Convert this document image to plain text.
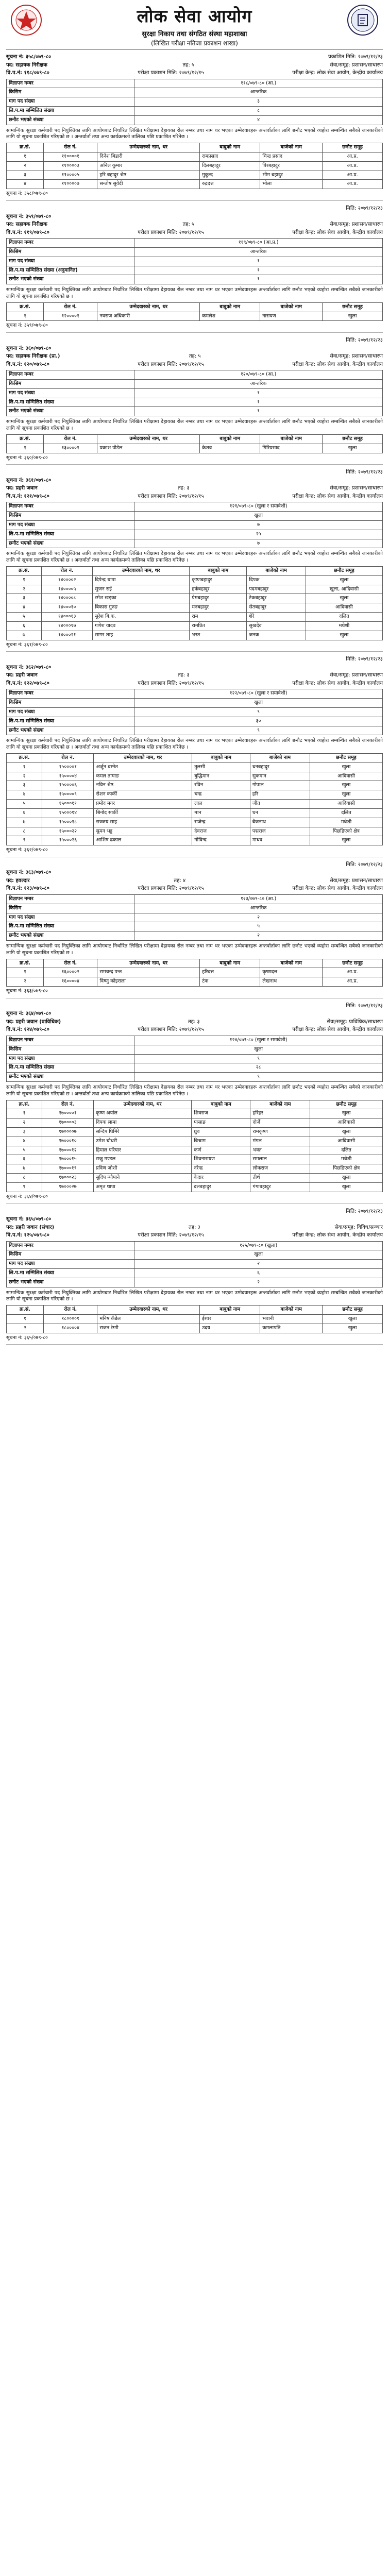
लोक सेवा आयोग
सुरक्षा निकाय तथा संगठित संस्था महाशाखा
(लिखित परीक्षा नतिजा प्रकाशन शाखा)
सूचना नं: ३५८/०७९-८०	प्रकाशित मिति: २०७९/१२/२३
पद: सहायक निरीक्षक	तह: ५	सेवा/समूह: प्रशासन/साधारण
वि.प.नं: ११८/०७९-८०	परीक्षा प्रकाशन मिति: २०७९/१२/१५	परीक्षा केन्द्र: लोक सेवा आयोग, केन्द्रीय कार्यालय
विज्ञापन नम्बर	११८/०७९-८० (आ.)
किसिम	आन्तरिक
माग पद संख्या	३
लि.प.मा सम्मिलित संख्या	८
छनौट भएको संख्या	४
सामान्यिक सुरक्षा कर्मचारी पद नियुक्तिका लागि आयोगबाट निर्धारित लिखित परीक्षामा देहायका रोल नम्बर तथा नाम थर भएका उम्मेदवारहरू अन्तर्वार्ताका लागि छनौट भएको व्यहोरा सम्बन्धित सबैको जानकारीको लागि यो सूचना प्रकाशित गरिएको छ । अन्तर्वार्ता तथा अन्य कार्यक्रमको तालिका पछि प्रकाशित गरिनेछ ।
क्र.सं.	रोल नं.	उम्मेदवारको नाम, थर	बाबुको नाम	बाजेको नाम	छनौट समूह
१	११००००१	दिनेश बिडारी	रामप्रसाद	चिन्द्र प्रसाद	आ.प्र.
२	११००००३	अनिल कुमार	दिलबहादुर	बिरबहादुर	आ.प्र.
३	११००००५	हरि बहादुर श्रेष्ठ	मुकुन्द	भीम बहादुर	आ.प्र.
४	११००००७	सन्तोष सुवेदी	रुद्रदत्त	भोला	आ.प्र.
सूचना नं: ३५८/०७९-८०
मिति: २०७९/१२/२३
सूचना नं: ३५९/०७९-८०
पद: सहायक निरीक्षक	तह: ५	सेवा/समूह: प्रशासन/साधारण
वि.प.नं: ११९/०७९-८०	परीक्षा प्रकाशन मिति: २०७९/१२/१५	परीक्षा केन्द्र: लोक सेवा आयोग, केन्द्रीय कार्यालय
विज्ञापन नम्बर	११९/०७९-८० (आ.प्र.)
किसिम	आन्तरिक
माग पद संख्या	१
लि.प.मा सम्मिलित संख्या (अनुमानित)	१
छनौट भएको संख्या	१
सामान्यिक सुरक्षा कर्मचारी पद नियुक्तिका लागि आयोगबाट निर्धारित लिखित परीक्षामा देहायका रोल नम्बर तथा नाम थर भएका उम्मेदवारहरू अन्तर्वार्ताका लागि छनौट भएको व्यहोरा सम्बन्धित सबैको जानकारीको लागि यो सूचना प्रकाशित गरिएको छ ।
क्र.सं.	रोल नं.	उम्मेदवारको नाम, थर	बाबुको नाम	बाजेको नाम	छनौट समूह
१	१२००००१	नवराज अधिकारी	कमलेश	नारायण	खुला
सूचना नं: ३५९/०७९-८०
मिति: २०७९/१२/२३
सूचना नं: ३६०/०७९-८०
पद: सहायक निरीक्षक (प्रा.)	तह: ५	सेवा/समूह: प्रशासन/साधारण
वि.प.नं: १२०/०७९-८०	परीक्षा प्रकाशन मिति: २०७९/१२/१५	परीक्षा केन्द्र: लोक सेवा आयोग, केन्द्रीय कार्यालय
विज्ञापन नम्बर	१२०/०७९-८० (आ.)
किसिम	आन्तरिक
माग पद संख्या	१
लि.प.मा सम्मिलित संख्या	१
छनौट भएको संख्या	१
सामान्यिक सुरक्षा कर्मचारी पद नियुक्तिका लागि आयोगबाट निर्धारित लिखित परीक्षामा देहायका रोल नम्बर तथा नाम थर भएका उम्मेदवारहरू अन्तर्वार्ताका लागि छनौट भएको व्यहोरा सम्बन्धित सबैको जानकारीको लागि यो सूचना प्रकाशित गरिएको छ ।
क्र.सं.	रोल नं.	उम्मेदवारको नाम, थर	बाबुको नाम	बाजेको नाम	छनौट समूह
१	१३००००१	प्रकाश पौडेल	केशव	गिरिप्रसाद	खुला
सूचना नं: ३६०/०७९-८०
मिति: २०७९/१२/२३
सूचना नं: ३६१/०७९-८०
पद: प्रहरी जवान	तह: ३	सेवा/समूह: प्रशासन/साधारण
वि.प.नं: १२१/०७९-८०	परीक्षा प्रकाशन मिति: २०७९/१२/१५	परीक्षा केन्द्र: लोक सेवा आयोग, केन्द्रीय कार्यालय
विज्ञापन नम्बर	१२१/०७९-८० (खुला र समावेशी)
किसिम	खुला
माग पद संख्या	७
लि.प.मा सम्मिलित संख्या	२५
छनौट भएको संख्या	७
सामान्यिक सुरक्षा कर्मचारी पद नियुक्तिका लागि आयोगबाट निर्धारित लिखित परीक्षामा देहायका रोल नम्बर तथा नाम थर भएका उम्मेदवारहरू अन्तर्वार्ताका लागि छनौट भएको व्यहोरा सम्बन्धित सबैको जानकारीको लागि यो सूचना प्रकाशित गरिएको छ । अन्तर्वार्ता तथा अन्य कार्यक्रमको तालिका पछि प्रकाशित गरिनेछ ।
क्र.सं.	रोल नं.	उम्मेदवारको नाम, थर	बाबुको नाम	बाजेको नाम	छनौट समूह
१	१४००००२	दिपेन्द्र थापा	कृष्णबहादुर	दिपक	खुला
२	१४००००५	सुजन राई	हर्कबहादुर	पदमबहादुर	खुला, आदिवासी
३	१४००००८	रमेश खड्का	प्रेमबहादुर	टेकबहादुर	खुला
४	१४०००१०	बिकास गुरुङ	मनबहादुर	सेतबहादुर	आदिवासी
५	१४०००१३	सुरेश बि.क.	राम	शेरे	दलित
६	१४०००१७	गणेश यादव	रामप्रित	सुखदेव	मधेशी
७	१४०००२१	सागर शाह	भरत	जनक	खुला
सूचना नं: ३६१/०७९-८०
मिति: २०७९/१२/२३
सूचना नं: ३६२/०७९-८०
पद: प्रहरी जवान	तह: ३	सेवा/समूह: प्रशासन/साधारण
वि.प.नं: १२२/०७९-८०	परीक्षा प्रकाशन मिति: २०७९/१२/१५	परीक्षा केन्द्र: लोक सेवा आयोग, केन्द्रीय कार्यालय
विज्ञापन नम्बर	१२२/०७९-८० (खुला र समावेशी)
किसिम	खुला
माग पद संख्या	९
लि.प.मा सम्मिलित संख्या	३०
छनौट भएको संख्या	९
सामान्यिक सुरक्षा कर्मचारी पद नियुक्तिका लागि आयोगबाट निर्धारित लिखित परीक्षामा देहायका रोल नम्बर तथा नाम थर भएका उम्मेदवारहरू अन्तर्वार्ताका लागि छनौट भएको व्यहोरा सम्बन्धित सबैको जानकारीको लागि यो सूचना प्रकाशित गरिएको छ । अन्तर्वार्ता तथा अन्य कार्यक्रमको तालिका पछि प्रकाशित गरिनेछ ।
क्र.सं.	रोल नं.	उम्मेदवारको नाम, थर	बाबुको नाम	बाजेको नाम	छनौट समूह
१	१५००००१	अर्जुन बस्नेत	तुलसी	धनबहादुर	खुला
२	१५००००४	कमल तामाङ	बुद्धिमान	सुकमान	आदिवासी
३	१५००००६	नविन श्रेष्ठ	रविन	गोपाल	खुला
४	१५००००९	रोशन कार्की	चन्द्र	हरि	खुला
५	१५०००११	प्रमोद मगर	लाल	जीत	आदिवासी
६	१५०००१४	बिनोद सार्की	मान	धन	दलित
७	१५०००१८	सञ्जय साह	राजेन्द्र	बैजनाथ	मधेशी
८	१५०००२२	सुमन भट्ट	देवराज	पद्मराज	पिछडिएको क्षेत्र
९	१५०००२६	आशिष ढकाल	गोविन्द	माधव	खुला
सूचना नं: ३६२/०७९-८०
मिति: २०७९/१२/२३
सूचना नं: ३६३/०७९-८०
पद: हवल्दार	तह: ४	सेवा/समूह: प्रशासन/साधारण
वि.प.नं: १२३/०७९-८०	परीक्षा प्रकाशन मिति: २०७९/१२/१५	परीक्षा केन्द्र: लोक सेवा आयोग, केन्द्रीय कार्यालय
विज्ञापन नम्बर	१२३/०७९-८० (आ.)
किसिम	आन्तरिक
माग पद संख्या	२
लि.प.मा सम्मिलित संख्या	५
छनौट भएको संख्या	२
सामान्यिक सुरक्षा कर्मचारी पद नियुक्तिका लागि आयोगबाट निर्धारित लिखित परीक्षामा देहायका रोल नम्बर तथा नाम थर भएका उम्मेदवारहरू अन्तर्वार्ताका लागि छनौट भएको व्यहोरा सम्बन्धित सबैको जानकारीको लागि यो सूचना प्रकाशित गरिएको छ ।
क्र.सं.	रोल नं.	उम्मेदवारको नाम, थर	बाबुको नाम	बाजेको नाम	छनौट समूह
१	१६००००२	रामचन्द्र पन्त	हरिदत्त	कृष्णदत्त	आ.प्र.
२	१६००००४	विष्णु कोइराला	टंक	लेखनाथ	आ.प्र.
सूचना नं: ३६३/०७९-८०
मिति: २०७९/१२/२३
सूचना नं: ३६४/०७९-८०
पद: प्रहरी जवान (प्राविधिक)	तह: ३	सेवा/समूह: प्राविधिक/साधारण
वि.प.नं: १२४/०७९-८०	परीक्षा प्रकाशन मिति: २०७९/१२/१५	परीक्षा केन्द्र: लोक सेवा आयोग, केन्द्रीय कार्यालय
विज्ञापन नम्बर	१२४/०७९-८० (खुला र समावेशी)
किसिम	खुला
माग पद संख्या	९
लि.प.मा सम्मिलित संख्या	२८
छनौट भएको संख्या	९
सामान्यिक सुरक्षा कर्मचारी पद नियुक्तिका लागि आयोगबाट निर्धारित लिखित परीक्षामा देहायका रोल नम्बर तथा नाम थर भएका उम्मेदवारहरू अन्तर्वार्ताका लागि छनौट भएको व्यहोरा सम्बन्धित सबैको जानकारीको लागि यो सूचना प्रकाशित गरिएको छ । अन्तर्वार्ता तथा अन्य कार्यक्रमको तालिका पछि प्रकाशित गरिनेछ ।
क्र.सं.	रोल नं.	उम्मेदवारको नाम, थर	बाबुको नाम	बाजेको नाम	छनौट समूह
१	१७००००१	कृष्ण अर्याल	शिवराज	हरिहर	खुला
२	१७००००३	दिपक लामा	पासाङ	दोर्जे	आदिवासी
३	१७००००७	सन्दिप घिमिरे	ध्रुव	रामकृष्ण	खुला
४	१७०००१०	उमेश चौधरी	बिश्राम	मंगल	आदिवासी
५	१७०००१२	हिमाल परियार	कर्ण	भक्त	दलित
६	१७०००१५	राजु मण्डल	शिवनारायण	रामलाल	मधेशी
७	१७०००१९	प्रविण जोशी	नरेन्द्र	लोकराज	पिछडिएको क्षेत्र
८	१७०००२३	सुदिप न्यौपाने	केदार	तीर्थ	खुला
९	१७०००२७	अमृत थापा	दलबहादुर	गंगाबहादुर	खुला
सूचना नं: ३६४/०७९-८०
मिति: २०७९/१२/२३
सूचना नं: ३६५/०७९-८०
पद: प्रहरी जवान (संचार)	तह: ३	सेवा/समूह: विविध/सञ्चार
वि.प.नं: १२५/०७९-८०	परीक्षा प्रकाशन मिति: २०७९/१२/१५	परीक्षा केन्द्र: लोक सेवा आयोग, केन्द्रीय कार्यालय
विज्ञापन नम्बर	१२५/०७९-८० (खुला)
किसिम	खुला
माग पद संख्या	२
लि.प.मा सम्मिलित संख्या	६
छनौट भएको संख्या	२
सामान्यिक सुरक्षा कर्मचारी पद नियुक्तिका लागि आयोगबाट निर्धारित लिखित परीक्षामा देहायका रोल नम्बर तथा नाम थर भएका उम्मेदवारहरू अन्तर्वार्ताका लागि छनौट भएको व्यहोरा सम्बन्धित सबैको जानकारीको लागि यो सूचना प्रकाशित गरिएको छ ।
क्र.सं.	रोल नं.	उम्मेदवारको नाम, थर	बाबुको नाम	बाजेको नाम	छनौट समूह
१	१८००००१	मनिष कँडेल	ईश्वर	भवानी	खुला
२	१८००००४	राजन रेग्मी	उदय	कमलापति	खुला
सूचना नं: ३६५/०७९-८०
